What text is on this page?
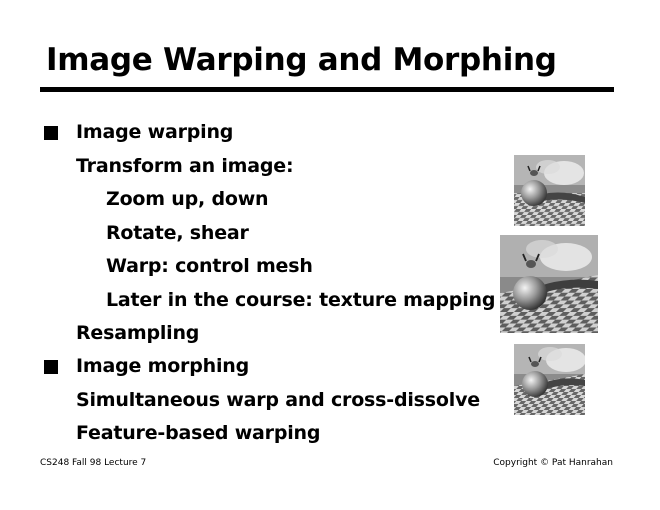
Image Warping and Morphing
Image warping
Transform an image:
Zoom up, down
Rotate, shear
Warp: control mesh
Later in the course: texture mapping
Resampling
Image morphing
Simultaneous warp and cross-dissolve
Feature-based warping
CS248 Fall 98 Lecture 7	Copyright © Pat Hanrahan
